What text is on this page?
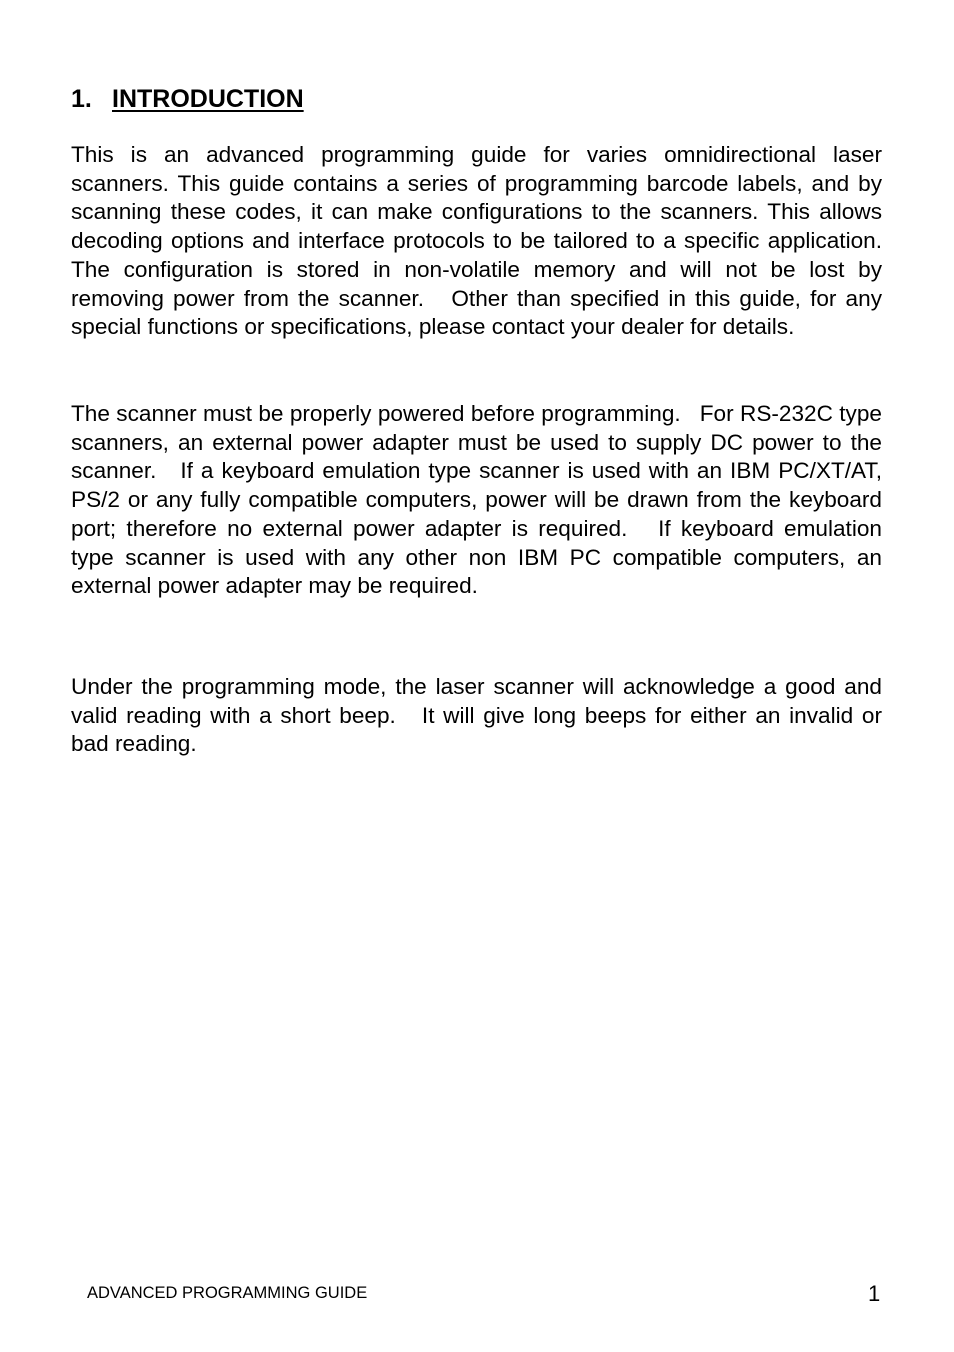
1. INTRODUCTION

This is an advanced programming guide for varies omnidirectional laser scanners. This guide contains a series of programming barcode labels, and by scanning these codes, it can make configurations to the scanners. This allows decoding options and interface protocols to be tailored to a specific application.   The configuration is stored in non-volatile memory and will not be lost by removing power from the scanner.   Other than specified in this guide, for any special functions or specifications, please contact your dealer for details.

The scanner must be properly powered before programming.   For RS-232C type scanners, an external power adapter must be used to supply DC power to the scanner.   If a keyboard emulation type scanner is used with an IBM PC/XT/AT, PS/2 or any fully compatible computers, power will be drawn from the keyboard port; therefore no external power adapter is required.   If keyboard emulation type scanner is used with any other non IBM PC compatible computers, an external power adapter may be required.

Under the programming mode, the laser scanner will acknowledge a good and valid reading with a short beep.   It will give long beeps for either an invalid or bad reading.

ADVANCED PROGRAMMING GUIDE	1
